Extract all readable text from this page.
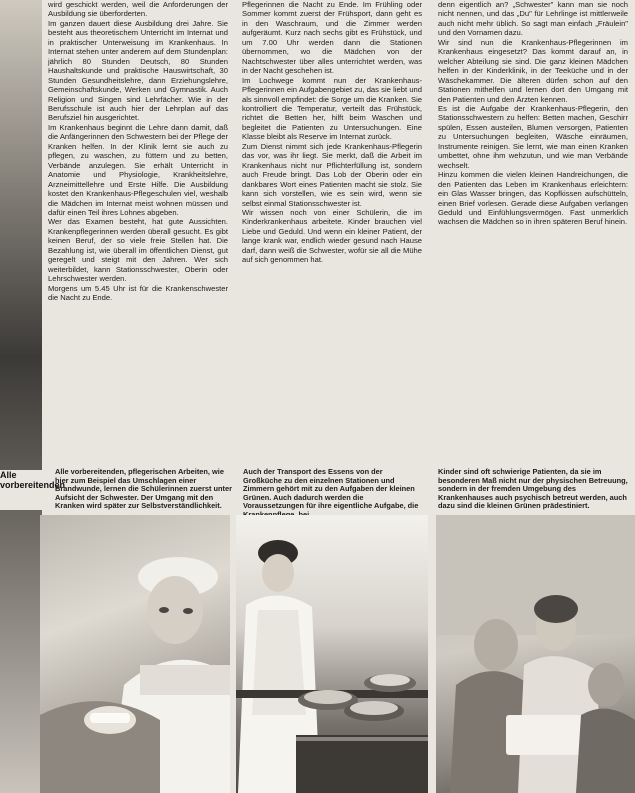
Alle vorbereitenden

wird geschickt werden, weil die Anforderungen der Ausbildung sie überforderten.
Im ganzen dauert diese Ausbildung drei Jahre. Sie besteht aus theoretischem Unterricht im Internat und in praktischer Unterweisung im Krankenhaus. In Internat stehen unter anderem auf dem Stundenplan: jährlich 80 Stunden Deutsch, 80 Stunden Haushaltskunde und praktische Hauswirtschaft, 30 Stunden Gesundheitslehre, dann Erziehungslehre, Gemeinschaftskunde, Werken und Gymnastik. Auch Religion und Singen sind Lehrfächer. Wie in der Berufsschule ist auch hier der Lehrplan auf das Berufsziel hin ausgerichtet.

Im Krankenhaus beginnt die Lehre dann damit, daß die Anfängerinnen den Schwestern bei der Pflege der Kranken helfen. In der Klinik lernt sie auch zu pflegen, zu waschen, zu füttern und zu betten, Verbände anzulegen. Sie erhält Unterricht in Anatomie und Physiologie, Krankheitslehre, Arzneimittellehre und Erste Hilfe. Die Ausbildung kostet den Krankenhaus-Pflegeschulen viel, weshalb die Mädchen im Internat meist wohnen müssen und dafür einen Teil ihres Lohnes abgeben.

Wer das Examen besteht, hat gute Aussichten. Krankenpflegerinnen werden überall gesucht. Es gibt keinen Beruf, der so viele freie Stellen hat. Die Bezahlung ist, wie überall im öffentlichen Dienst, gut geregelt und steigt mit den Jahren. Wer sich weiterbildet, kann Stationsschwester, Oberin oder Lehrschwester werden.

Morgens um 5.45 Uhr ist für die Krankenschwester die Nacht zu Ende.

Pflegerinnen die Nacht zu Ende. Im Frühling oder Sommer kommt zuerst der Frühsport, dann geht es in den Waschraum, und die Zimmer werden aufgeräumt. Kurz nach sechs gibt es Frühstück, und um 7.00 Uhr werden dann die Stationen übernommen, wo die Mädchen von der Nachtschwester über alles unterrichtet werden, was in der Nacht geschehen ist.

Im Lochwege kommt nun der Krankenhaus-Pflegerinnen ein Aufgabengebiet zu, das sie liebt und als sinnvoll empfindet: die Sorge um die Kranken. Sie kontrolliert die Temperatur, verteilt das Frühstück, richtet die Betten her, hilft beim Waschen und begleitet die Patienten zu Untersuchungen. Eine Klasse bleibt als Reserve im Internat zurück.

Zum Dienst nimmt sich jede Krankenhaus-Pflegerin das vor, was ihr liegt. Sie merkt, daß die Arbeit im Krankenhaus nicht nur Pflichterfüllung ist, sondern auch Freude bringt. Das Lob der Oberin oder ein dankbares Wort eines Patienten macht sie stolz. Sie kann sich vorstellen, wie es sein wird, wenn sie selbst einmal Stationsschwester ist.

Wir wissen noch von einer Schülerin, die im Kinderkrankenhaus arbeitete. Kinder brauchen viel Liebe und Geduld. Und wenn ein kleiner Patient, der lange krank war, endlich wieder gesund nach Hause darf, dann weiß die Schwester, wofür sie all die Mühe auf sich genommen hat.

denn eigentlich an? „Schwester" kann man sie noch nicht nennen, und das „Du" für Lehrlinge ist mittlerweile auch nicht mehr üblich. So sagt man einfach „Fräulein" und den Vornamen dazu.

Wir sind nun die Krankenhaus-Pflegerinnen im Krankenhaus eingesetzt? Das kommt darauf an, in welcher Abteilung sie sind. Die ganz kleinen Mädchen helfen in der Kinderklinik, in der Teeküche und in der Wäschekammer. Die älteren dürfen schon auf den Stationen mithelfen und lernen dort den Umgang mit den Patienten und den Ärzten kennen.

Es ist die Aufgabe der Krankenhaus-Pflegerin, den Stationsschwestern zu helfen: Betten machen, Geschirr spülen, Essen austeilen, Blumen versorgen, Patienten zu Untersuchungen begleiten, Wäsche einräumen, Instrumente reinigen. Sie lernt, wie man einen Kranken umbettet, ohne ihm wehzutun, und wie man Verbände wechselt.

Hinzu kommen die vielen kleinen Handreichungen, die den Patienten das Leben im Krankenhaus erleichtern: ein Glas Wasser bringen, das Kopfkissen aufschütteln, einen Brief vorlesen. Gerade diese Aufgaben verlangen Geduld und Einfühlungsvermögen. Fast unmerklich wachsen die Mädchen so in ihren späteren Beruf hinein.

Alle vorbereitenden, pflegerischen Arbeiten, wie hier zum Beispiel das Umschlagen einer Brandwunde, lernen die Schülerinnen zuerst unter Aufsicht der Schwester. Der Umgang mit den Kranken wird später zur Selbstverständlichkeit.
Auch der Transport des Essens von der Großküche zu den einzelnen Stationen und Zimmern gehört mit zu den Aufgaben der kleinen Grünen. Auch dadurch werden die Voraussetzungen für ihre eigentliche Aufgabe, die
Kinder sind oft schwierige Patienten, da sie im besonderen Maß nicht nur der physischen Betreuung, sondern in der fremden Umgebung des Krankenhauses auch psychisch betreut werden, auch dazu sind die kleinen Grünen prädestiniert.
